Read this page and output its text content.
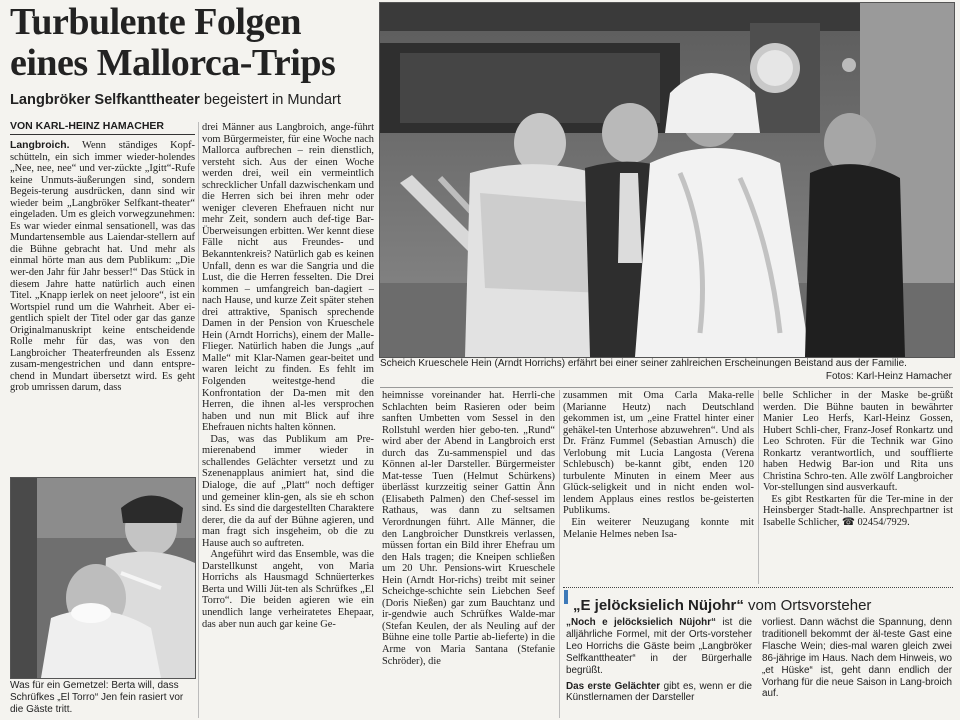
Turbulente Folgen
eines Mallorca-Trips
Langbröker Selfkanttheater begeistert in Mundart
VON KARL-HEINZ HAMACHER

Langbroich. Wenn ständiges Kopf-schütteln, ein sich immer wieder-holendes „Nee, nee, nee“ und ver-zückte „Igitt“-Rufe keine Unmuts-äußerungen sind, sondern Begeis-terung ausdrücken, dann sind wir wieder beim „Langbröker Selfkant-theater“ eingeladen. Um es gleich vorwegzunehmen: Es war wieder einmal sensationell, was das Mundartensemble aus Laiendar-stellern auf die Bühne gebracht hat. Und mehr als einmal hörte man aus dem Publikum: „Die wer-den Jahr für Jahr besser!“ Das Stück in diesem Jahre hatte natürlich auch einen Titel. „Knapp ierlek on neet jeloore“, ist ein Wortspiel rund um die Wahrheit. Aber ei-gentlich spielt der Titel oder gar das ganze Originalmanuskript keine entscheidende Rolle mehr für das, was von den Langbroicher Theaterfreunden als Essenz zusam-mengestrichen und dann entspre-chend in Mundart übersetzt wird. Es geht grob umrissen darum, dass

drei Männer aus Langbroich, ange-führt vom Bürgermeister, für eine Woche nach Mallorca aufbrechen – rein dienstlich, versteht sich. Aus der einen Woche werden drei, weil ein vermeintlich schrecklicher Unfall dazwischenkam und die Herren sich bei ihren mehr oder weniger cleveren Ehefrauen nicht nur mehr Zeit, sondern auch def-tige Bar-Überweisungen erbitten. Wer kennt diese Fälle nicht aus Freundes- und Bekanntenkreis? Natürlich gab es keinen Unfall, denn es war die Sangria und die Lust, die die Herren fesselten. Die Drei kommen – umfangreich ban-dagiert – nach Hause, und kurze Zeit später stehen drei attraktive, Spanisch sprechende Damen in der Pension von Krueschele Hein (Arndt Horrichs), einem der Malle-Flieger. Natürlich haben die Jungs „auf Malle“ mit Klar-Namen gear-beitet und waren leicht zu finden. Es fehlt im Folgenden weitestge-hend die Konfrontation der Da-men mit den Herren, die ihnen al-les versprochen haben und nun mit Blick auf ihre Ehefrauen nichts halten können.

Das, was das Publikum am Pre-mierenabend immer wieder in schallendes Gelächter versetzt und zu Szenenapplaus animiert hat, sind die Dialoge, die auf „Platt“ noch deftiger und gemeiner klin-gen, als sie eh schon sind. Es sind die dargestellten Charaktere derer, die da auf der Bühne agieren, und man fragt sich insgeheim, ob die zu Hause auch so auftreten.

Angeführt wird das Ensemble, was die Darstellkunst angeht, von Maria Horrichs als Hausmagd Schnüerterkes Berta und Willi Jüt-ten als Schrüfkes „El Torro“. Die beiden agieren wie ein unendlich lange verheiratetes Ehepaar, das aber nun auch gar keine Ge-

Scheich Krueschele Hein (Arndt Horrichs) erfährt bei einer seiner zahlreichen Erscheinungen Beistand aus der Familie.
Fotos: Karl-Heinz Hamacher

heimnisse voreinander hat. Herrli-che Schlachten beim Rasieren oder beim sanften Umbetten vom Sessel in den Rollstuhl werden hier gebo-ten. „Rund“ wird aber der Abend in Langbroich erst durch das Zu-sammenspiel und das Können al-ler Darsteller. Bürgermeister Mat-tesse Tuen (Helmut Schürkens) überlässt kurzzeitig seiner Gattin Änn (Elisabeth Palmen) den Chef-sessel im Rathaus, was dann zu seltsamen Verordnungen führt. Alle Männer, die den Langbroicher Dunstkreis verlassen, müssen fortan ein Bild ihrer Ehefrau um den Hals tragen; die Kneipen schließen um 20 Uhr. Pensions-wirt Krueschele Hein (Arndt Hor-richs) treibt mit seiner Scheichge-schichte sein Liebchen Seef (Doris Nießen) gar zum Bauchtanz und ir-gendwie auch Schrüfkes Walde-mar (Stefan Keulen, der als Neuling auf der Bühne eine tolle Partie ab-lieferte) in die Arme von Maria Santana (Stefanie Schröder), die

zusammen mit Oma Carla Maka-relle (Marianne Heutz) nach Deutschland gekommen ist, um „eine Frattel hinter einer gehäkel-ten Unterhose abzuwehren“. Und als Dr. Fränz Fummel (Sebastian Arnusch) die Verlobung mit Lucia Langosta (Verena Schlebusch) be-kannt gibt, enden 120 turbulente Minuten in einem Meer aus Glück-seligkeit und in nicht enden wol-lendem Applaus eines restlos be-geisterten Publikums.

Ein weiterer Neuzugang konnte mit Melanie Helmes neben Isa-

belle Schlicher in der Maske be-grüßt werden. Die Bühne bauten in bewährter Manier Leo Herfs, Karl-Heinz Gossen, Hubert Schli-cher, Franz-Josef Ronkartz und Leo Schroten. Für die Technik war Gino Ronkartz verantwortlich, und soufflierte haben Hedwig Bar-ion und Rita uns Christina Schro-ten. Alle zwölf Langbroicher Vor-stellungen sind ausverkauft.

Es gibt Restkarten für die Ter-mine in der Heinsberger Stadt-halle. Ansprechpartner ist Isabelle Schlicher, ☎ 02454/7929.

Was für ein Gemetzel: Berta will, dass Schrüfkes „El Torro“ Jen fein rasiert vor die Gäste tritt.
„E jelöcksielich Nüjohr“ vom Ortsvorsteher

„Noch e jelöcksielich Nüjohr“ ist die alljährliche Formel, mit der Orts-vorsteher Leo Horrichs die Gäste beim „Langbröker Selfkanttheater“ in der Bürgerhalle begrüßt.

Das erste Gelächter gibt es, wenn er die Künstlernamen der Darsteller

vorliest. Dann wächst die Spannung, denn traditionell bekommt der äl-teste Gast eine Flasche Wein; dies-mal waren gleich zwei 86-jährige im Haus. Nach dem Hinweis, wo „et Hüske“ ist, geht dann endlich der Vorhang für die neue Saison in Lang-broich auf.
